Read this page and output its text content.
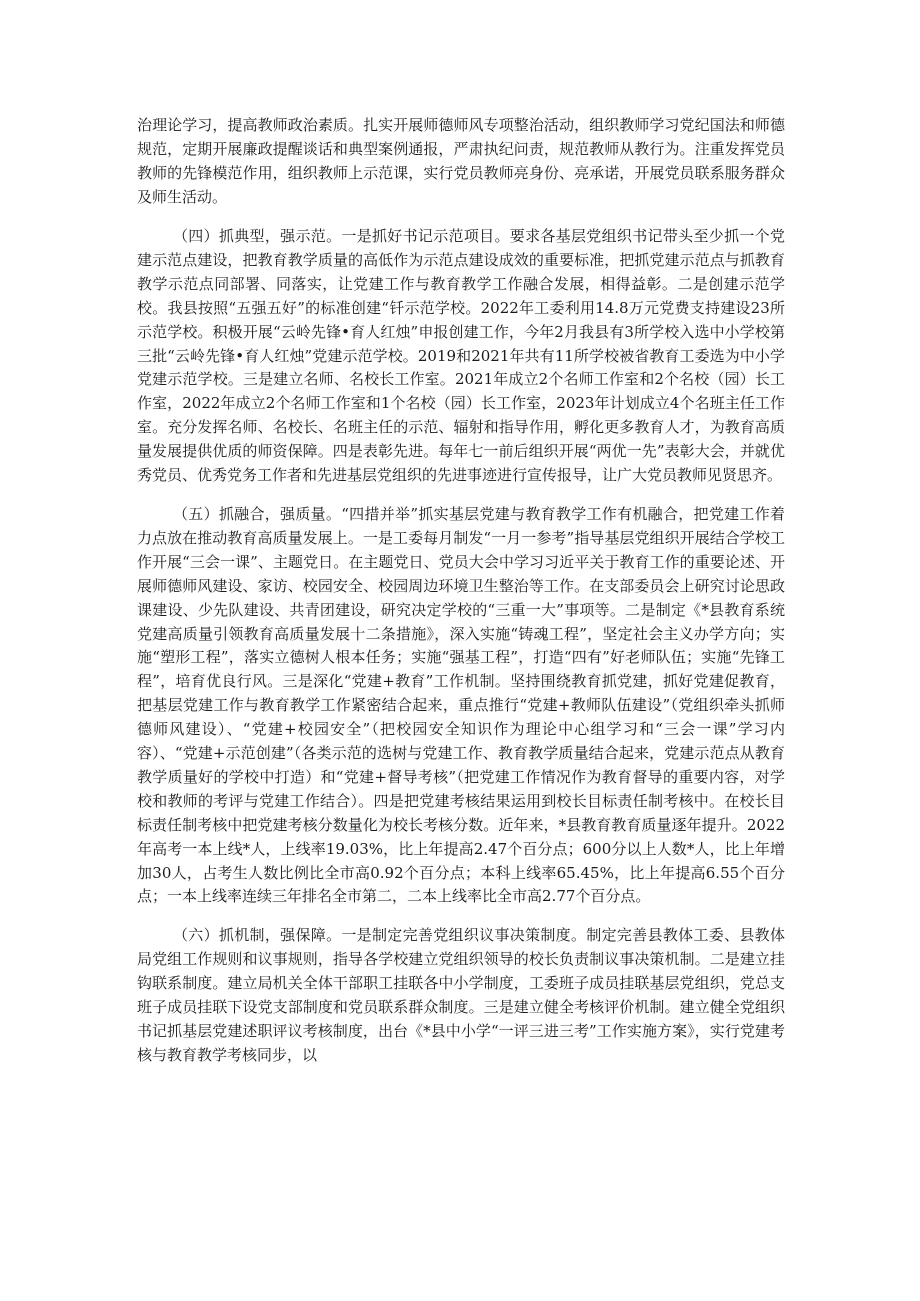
治理论学习，提高教师政治素质。扎实开展师德师风专项整治活动，组织教师学习党纪国法和师德规范，定期开展廉政提醒谈话和典型案例通报，严肃执纪问责，规范教师从教行为。注重发挥党员教师的先锋模范作用，组织教师上示范课，实行党员教师亮身份、亮承诺，开展党员联系服务群众及师生活动。

（四）抓典型，强示范。一是抓好书记示范项目。要求各基层党组织书记带头至少抓一个党建示范点建设，把教育教学质量的高低作为示范点建设成效的重要标准，把抓党建示范点与抓教育教学示范点同部署、同落实，让党建工作与教育教学工作融合发展，相得益彰。二是创建示范学校。我县按照“五强五好”的标准创建“钎示范学校。2022年工委利用14.8万元党费支持建设23所示范学校。积极开展“云岭先锋•育人红烛”申报创建工作，今年2月我县有3所学校入选中小学校第三批“云岭先锋•育人红烛”党建示范学校。2019和2021年共有11所学校被省教育工委选为中小学党建示范学校。三是建立名师、名校长工作室。2021年成立2个名师工作室和2个名校（园）长工作室，2022年成立2个名师工作室和1个名校（园）长工作室，2023年计划成立4个名班主任工作室。充分发挥名师、名校长、名班主任的示范、辐射和指导作用，孵化更多教育人才，为教育高质量发展提供优质的师资保障。四是表彰先进。每年七一前后组织开展“两优一先”表彰大会，并就优秀党员、优秀党务工作者和先进基层党组织的先进事迹进行宣传报导，让广大党员教师见贤思齐。

（五）抓融合，强质量。“四措并举”抓实基层党建与教育教学工作有机融合，把党建工作着力点放在推动教育高质量发展上。一是工委每月制发“一月一参考”指导基层党组织开展结合学校工作开展“三会一课”、主题党日。在主题党日、党员大会中学习习近平关于教育工作的重要论述、开展师德师风建设、家访、校园安全、校园周边环境卫生整治等工作。在支部委员会上研究讨论思政课建设、少先队建设、共青团建设，研究决定学校的“三重一大”事项等。二是制定《*县教育系统党建高质量引领教育高质量发展十二条措施》，深入实施“铸魂工程”，坚定社会主义办学方向；实施“塑形工程”，落实立德树人根本任务；实施“强基工程”，打造“四有”好老师队伍；实施“先锋工程”，培育优良行风。三是深化“党建+教育”工作机制。坚持围绕教育抓党建，抓好党建促教育，把基层党建工作与教育教学工作紧密结合起来，重点推行“党建+教师队伍建设”（党组织牵头抓师德师风建设）、“党建+校园安全”（把校园安全知识作为理论中心组学习和“三会一课”学习内容）、“党建+示范创建”（各类示范的选树与党建工作、教育教学质量结合起来，党建示范点从教育教学质量好的学校中打造）和“党建+督导考核”（把党建工作情况作为教育督导的重要内容，对学校和教师的考评与党建工作结合）。四是把党建考核结果运用到校长目标责任制考核中。在校长目标责任制考核中把党建考核分数量化为校长考核分数。近年来，*县教育教育质量逐年提升。2022年高考一本上线*人，上线率19.03%，比上年提高2.47个百分点；600分以上人数*人，比上年增加30人，占考生人数比例比全市高0.92个百分点；本科上线率65.45%，比上年提高6.55个百分点；一本上线率连续三年排名全市第二，二本上线率比全市高2.77个百分点。

（六）抓机制，强保障。一是制定完善党组织议事决策制度。制定完善县教体工委、县教体局党组工作规则和议事规则，指导各学校建立党组织领导的校长负责制议事决策机制。二是建立挂钩联系制度。建立局机关全体干部职工挂联各中小学制度，工委班子成员挂联基层党组织，党总支班子成员挂联下设党支部制度和党员联系群众制度。三是建立健全考核评价机制。建立健全党组织书记抓基层党建述职评议考核制度，出台《*县中小学“一评三进三考”工作实施方案》，实行党建考核与教育教学考核同步，以
